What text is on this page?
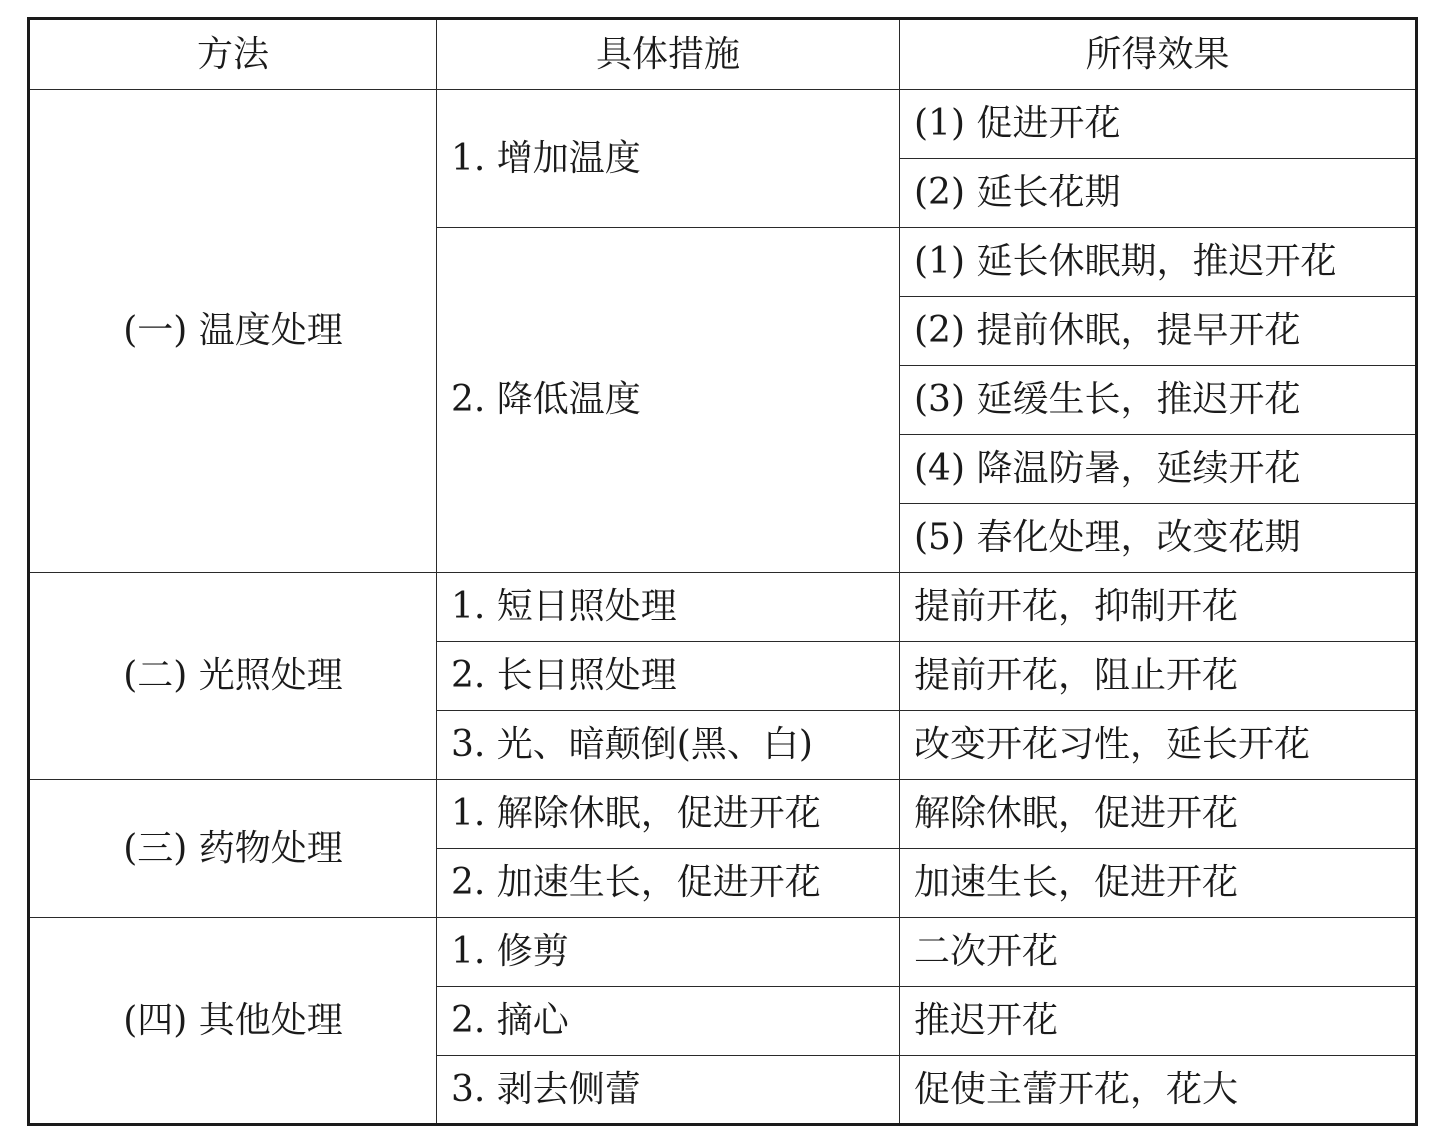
方法	具体措施	所得效果
(一) 温度处理	1. 增加温度	(1) 促进开花
		(2) 延长花期
	2. 降低温度	(1) 延长休眠期，推迟开花
		(2) 提前休眠，提早开花
		(3) 延缓生长，推迟开花
		(4) 降温防暑，延续开花
		(5) 春化处理，改变花期
(二) 光照处理	1. 短日照处理	提前开花，抑制开花
	2. 长日照处理	提前开花，阻止开花
	3. 光、暗颠倒(黑、白)	改变开花习性，延长开花
(三) 药物处理	1. 解除休眠，促进开花	解除休眠，促进开花
	2. 加速生长，促进开花	加速生长，促进开花
(四) 其他处理	1. 修剪	二次开花
	2. 摘心	推迟开花
	3. 剥去侧蕾	促使主蕾开花，花大
